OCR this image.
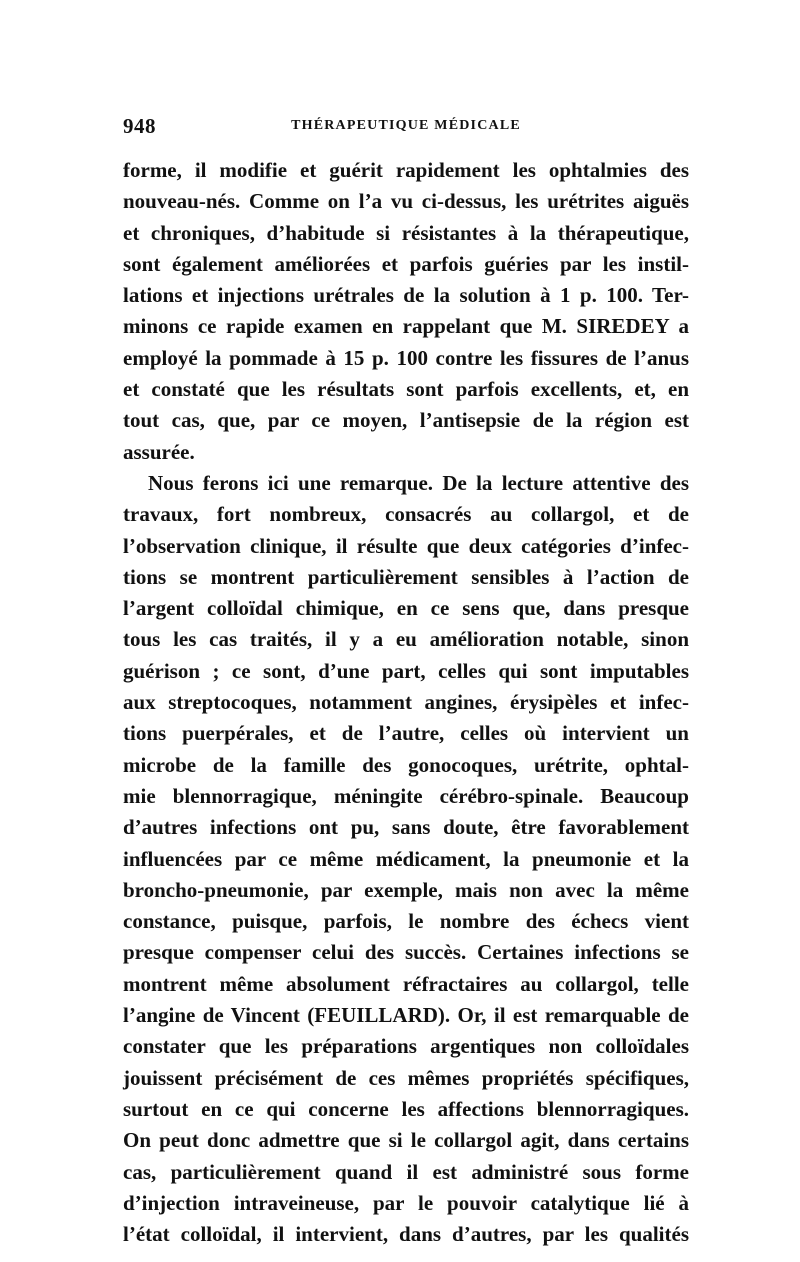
948	THÉRAPEUTIQUE MÉDICALE
forme, il modifie et guérit rapidement les ophtalmies des
nouveau-nés. Comme on l’a vu ci-dessus, les urétrites aiguës
et chroniques, d’habitude si résistantes à la thérapeutique,
sont également améliorées et parfois guéries par les instil-
lations et injections urétrales de la solution à 1 p. 100. Ter-
minons ce rapide examen en rappelant que M. SIREDEY a
employé la pommade à 15 p. 100 contre les fissures de l’anus
et constaté que les résultats sont parfois excellents, et, en
tout cas, que, par ce moyen, l’antisepsie de la région est
assurée.
Nous ferons ici une remarque. De la lecture attentive des
travaux, fort nombreux, consacrés au collargol, et de
l’observation clinique, il résulte que deux catégories d’infec-
tions se montrent particulièrement sensibles à l’action de
l’argent colloïdal chimique, en ce sens que, dans presque
tous les cas traités, il y a eu amélioration notable, sinon
guérison ; ce sont, d’une part, celles qui sont imputables
aux streptocoques, notamment angines, érysipèles et infec-
tions puerpérales, et de l’autre, celles où intervient un
microbe de la famille des gonocoques, urétrite, ophtal-
mie blennorragique, méningite cérébro-spinale. Beaucoup
d’autres infections ont pu, sans doute, être favorablement
influencées par ce même médicament, la pneumonie et la
broncho-pneumonie, par exemple, mais non avec la même
constance, puisque, parfois, le nombre des échecs vient
presque compenser celui des succès. Certaines infections se
montrent même absolument réfractaires au collargol, telle
l’angine de Vincent (FEUILLARD). Or, il est remarquable de
constater que les préparations argentiques non colloïdales
jouissent précisément de ces mêmes propriétés spécifiques,
surtout en ce qui concerne les affections blennorragiques.
On peut donc admettre que si le collargol agit, dans certains
cas, particulièrement quand il est administré sous forme
d’injection intraveineuse, par le pouvoir catalytique lié à
l’état colloïdal, il intervient, dans d’autres, par les qualités
